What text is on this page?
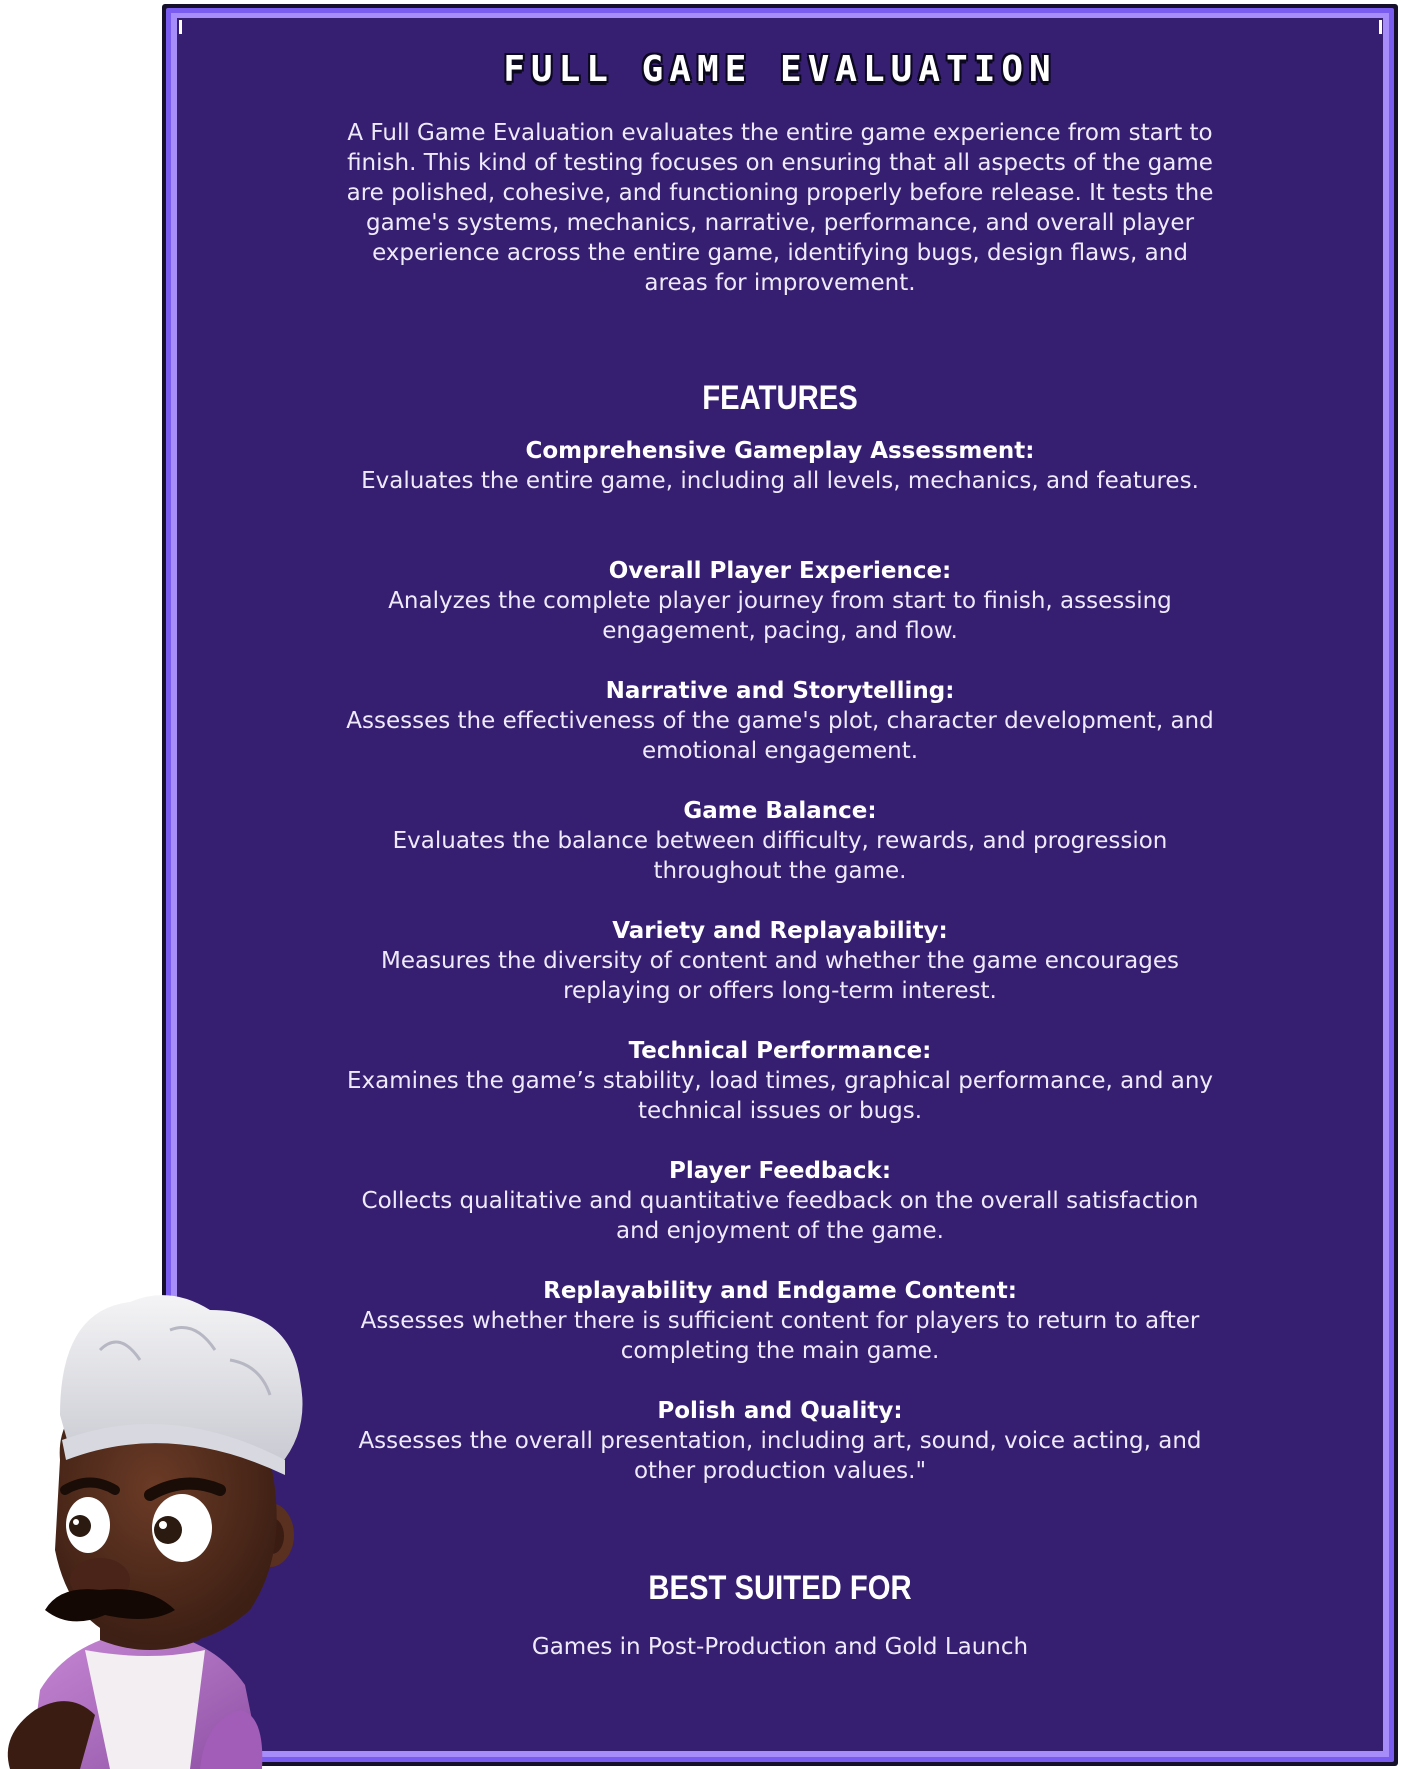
FULL GAME EVALUATION
A Full Game Evaluation evaluates the entire game experience from start to finish. This kind of testing focuses on ensuring that all aspects of the game are polished, cohesive, and functioning properly before release. It tests the game's systems, mechanics, narrative, performance, and overall player experience across the entire game, identifying bugs, design flaws, and areas for improvement.
FEATURES
Comprehensive Gameplay Assessment:
Evaluates the entire game, including all levels, mechanics, and features.
Overall Player Experience:
Analyzes the complete player journey from start to finish, assessing engagement, pacing, and flow.
Narrative and Storytelling:
Assesses the effectiveness of the game's plot, character development, and emotional engagement.
Game Balance:
Evaluates the balance between difficulty, rewards, and progression throughout the game.
Variety and Replayability:
Measures the diversity of content and whether the game encourages replaying or offers long-term interest.
Technical Performance:
Examines the game’s stability, load times, graphical performance, and any technical issues or bugs.
Player Feedback:
Collects qualitative and quantitative feedback on the overall satisfaction and enjoyment of the game.
Replayability and Endgame Content:
Assesses whether there is sufficient content for players to return to after completing the main game.
Polish and Quality:
Assesses the overall presentation, including art, sound, voice acting, and other production values."
BEST SUITED FOR
Games in Post-Production and Gold Launch
